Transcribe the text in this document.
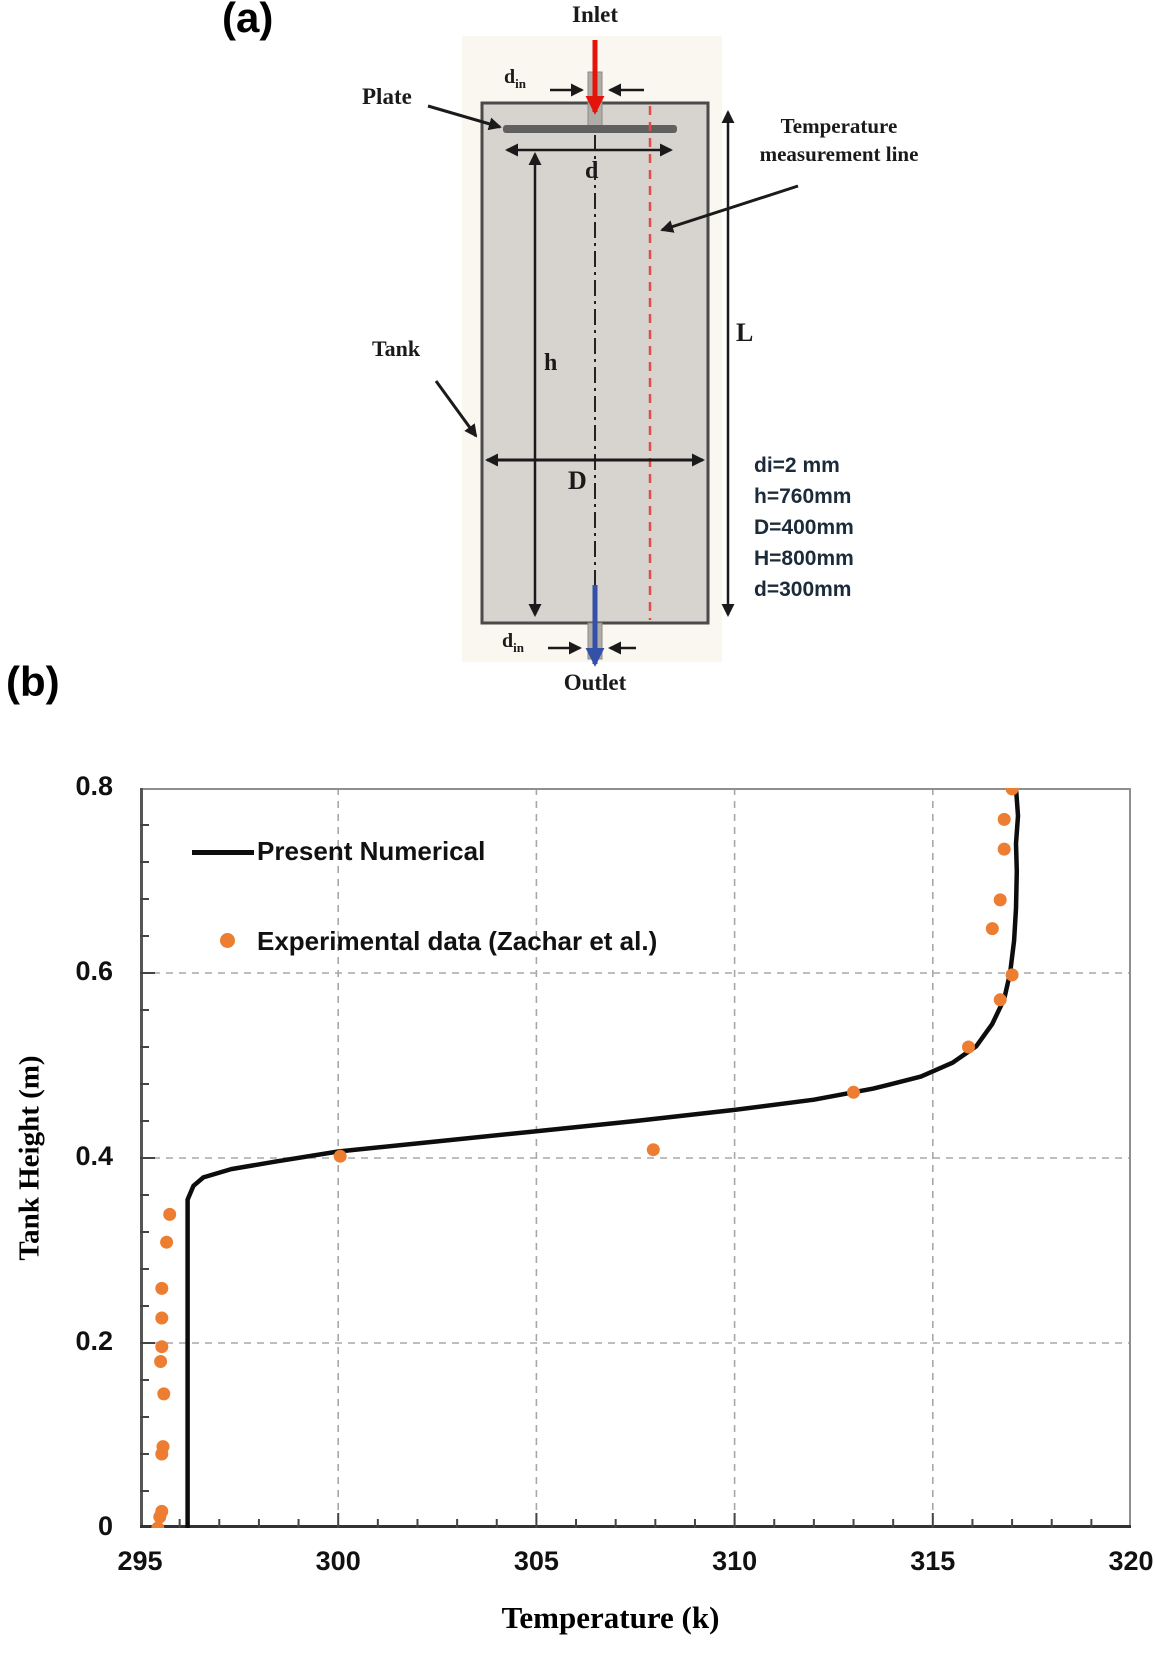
(a)	Inlet
$d_{in}$
Plate
Temperature
measurement line
d
Tank
h
L
D
di=2 mm
h=760mm
D=400mm
H=800mm
d=300mm
$d_{in}$
Outlet
(b)
Present Numerical
Experimental data (Zachar et al.)
0.8
0.6
0.4
0.2
0
295	300	305	310	315	320
Tank Height (m)
Temperature (k)
